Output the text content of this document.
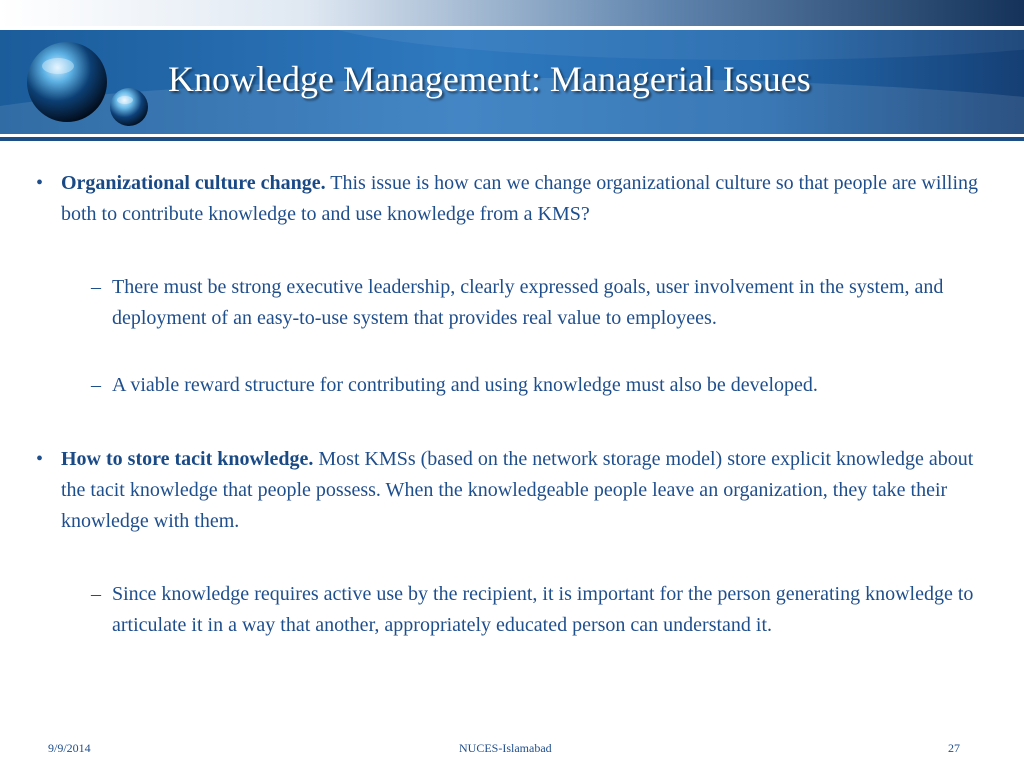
Knowledge Management: Managerial Issues

• Organizational culture change. This issue is how can we change organizational culture so that people are willing both to contribute knowledge to and use knowledge from a KMS?

– There must be strong executive leadership, clearly expressed goals, user involvement in the system, and deployment of an easy-to-use system that provides real value to employees.

– A viable reward structure for contributing and using knowledge must also be developed.

• How to store tacit knowledge. Most KMSs (based on the network storage model) store explicit knowledge about the tacit knowledge that people possess. When the knowledgeable people leave an organization, they take their knowledge with them.

– Since knowledge requires active use by the recipient, it is important for the person generating knowledge to articulate it in a way that another, appropriately educated person can understand it.

9/9/2014	NUCES-Islamabad	27
